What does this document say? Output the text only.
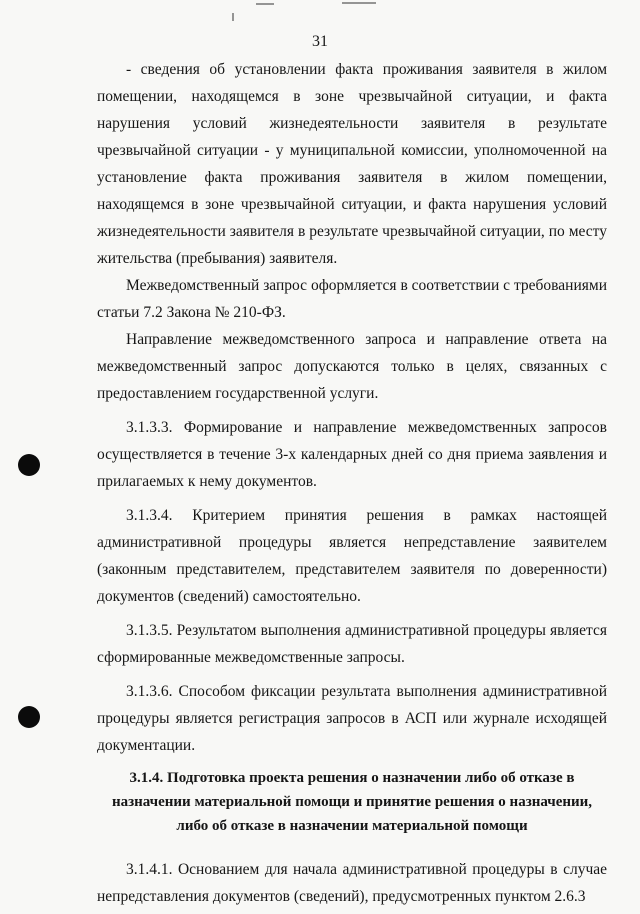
31

- сведения об установлении факта проживания заявителя в жилом помещении, находящемся в зоне чрезвычайной ситуации, и факта нарушения условий жизнедеятельности заявителя в результате чрезвычайной ситуации - у муниципальной комиссии, уполномоченной на установление факта проживания заявителя в жилом помещении, находящемся в зоне чрезвычайной ситуации, и факта нарушения условий жизнедеятельности заявителя в результате чрезвычайной ситуации, по месту жительства (пребывания) заявителя.

Межведомственный запрос оформляется в соответствии с требованиями статьи 7.2 Закона № 210-ФЗ.

Направление межведомственного запроса и направление ответа на межведомственный запрос допускаются только в целях, связанных с предоставлением государственной услуги.

3.1.3.3. Формирование и направление межведомственных запросов осуществляется в течение 3-х календарных дней со дня приема заявления и прилагаемых к нему документов.

3.1.3.4. Критерием принятия решения в рамках настоящей административной процедуры является непредставление заявителем (законным представителем, представителем заявителя по доверенности) документов (сведений) самостоятельно.

3.1.3.5. Результатом выполнения административной процедуры является сформированные межведомственные запросы.

3.1.3.6. Способом фиксации результата выполнения административной процедуры является регистрация запросов в АСП или журнале исходящей документации.

3.1.4. Подготовка проекта решения о назначении либо об отказе в назначении материальной помощи и принятие решения о назначении, либо об отказе в назначении материальной помощи

3.1.4.1. Основанием для начала административной процедуры в случае непредставления документов (сведений), предусмотренных пунктом 2.6.3
